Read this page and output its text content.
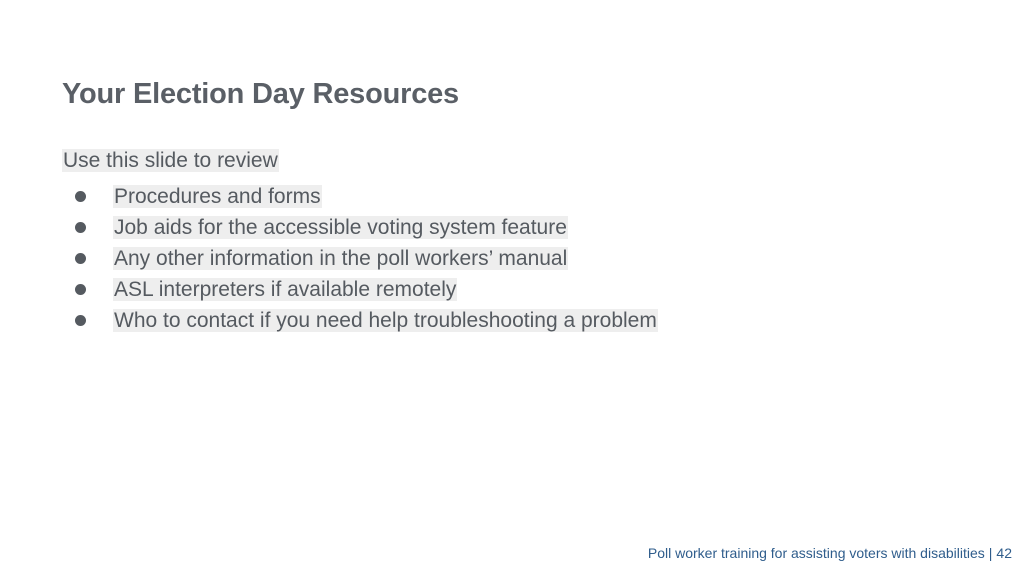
Your Election Day Resources
Use this slide to review
Procedures and forms
Job aids for the accessible voting system feature
Any other information in the poll workers’ manual
ASL interpreters if available remotely
Who to contact if you need help troubleshooting a problem
Poll worker training for assisting voters with disabilities | 42
